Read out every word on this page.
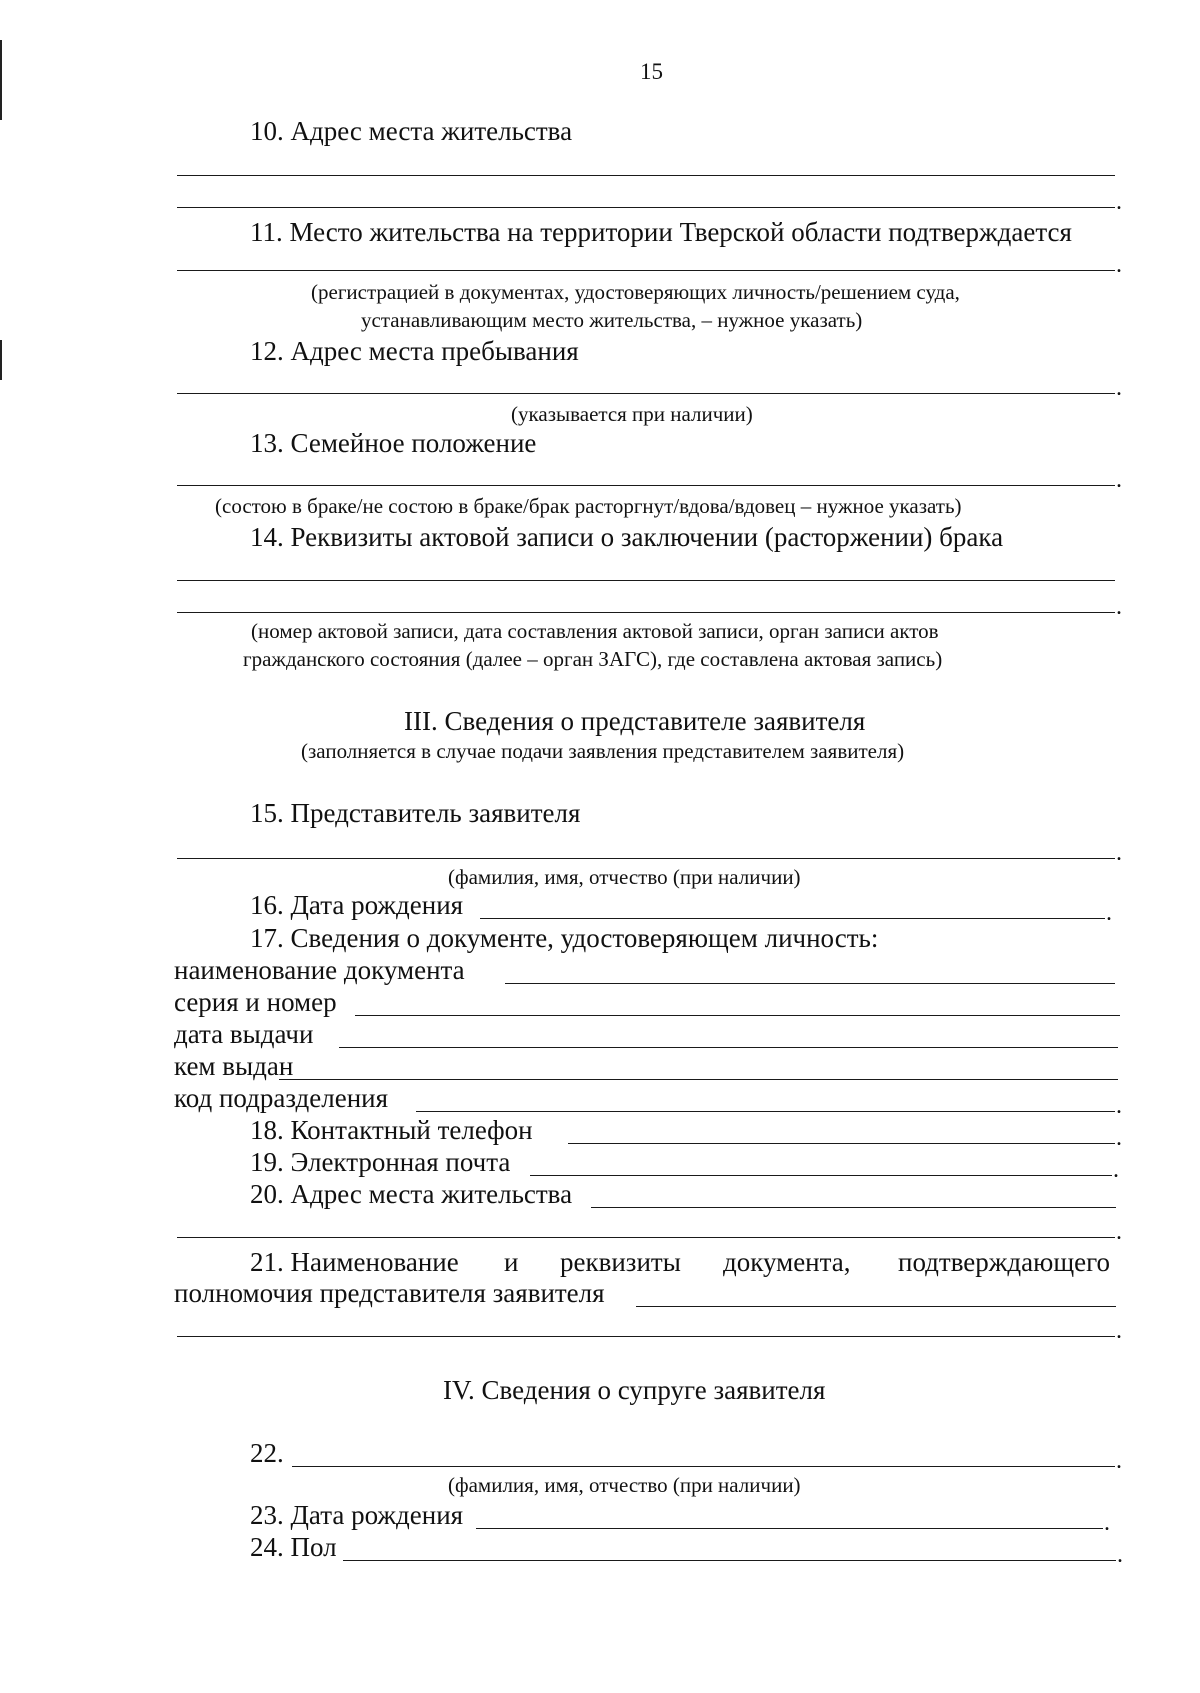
15
10. Адрес места жительства
.
11. Место жительства на территории Тверской области подтверждается
.
(регистрацией в документах, удостоверяющих личность/решением суда,
устанавливающим место жительства, – нужное указать)
12. Адрес места пребывания
.
(указывается при наличии)
13. Семейное положение
.
(состою в браке/не состою в браке/брак расторгнут/вдова/вдовец – нужное указать)
14. Реквизиты актовой записи о заключении (расторжении) брака
.
(номер актовой записи, дата составления актовой записи, орган записи актов
гражданского состояния (далее – орган ЗАГС), где составлена актовая запись)
III. Сведения о представителе заявителя
(заполняется в случае подачи заявления представителем заявителя)
15. Представитель заявителя
.
(фамилия, имя, отчество (при наличии)
16. Дата рождения	.
17. Сведения о документе, удостоверяющем личность:
наименование документа
серия и номер
дата выдачи
кем выдан
код подразделения	.
18. Контактный телефон	.
19. Электронная почта	.
20. Адрес места жительства
.
21. Наименование и реквизиты документа, подтверждающего
полномочия представителя заявителя
.
IV. Сведения о супруге заявителя
22.	.
(фамилия, имя, отчество (при наличии)
23. Дата рождения	.
24. Пол	.
